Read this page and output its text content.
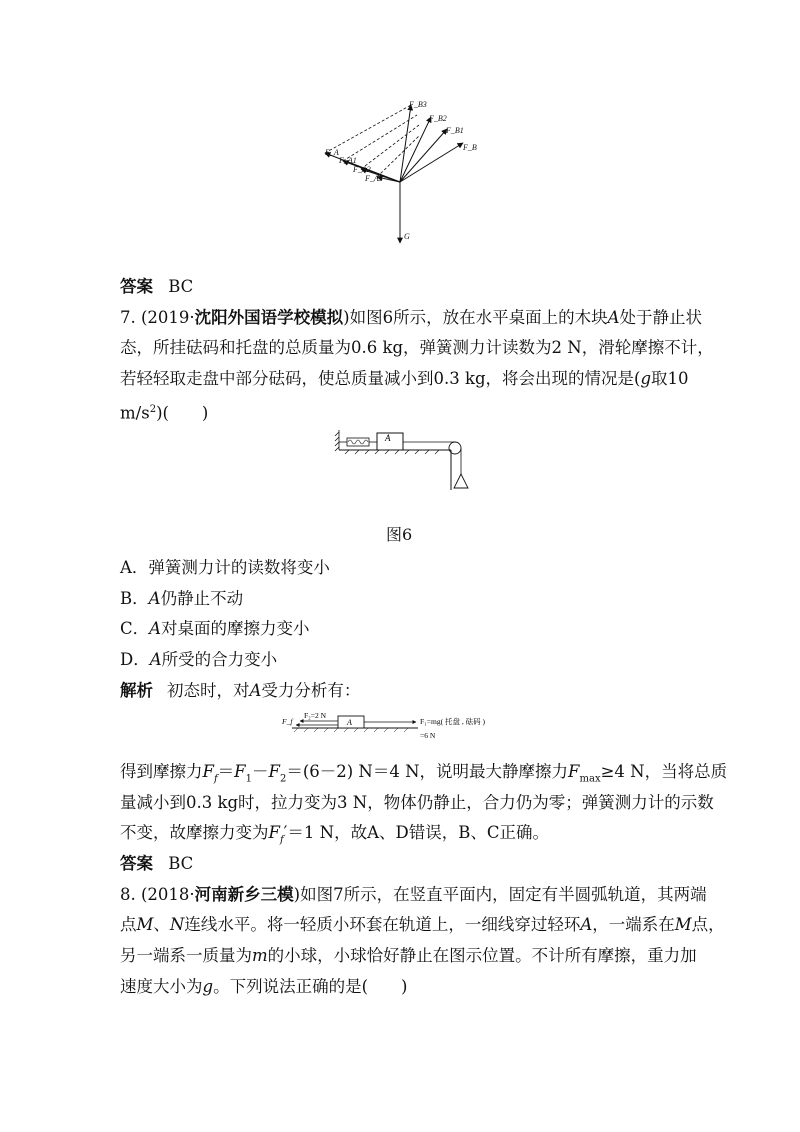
F_B3
F_B2
F_B1
F_B
F_A
F_A1
F_A2
F_A3
G
答案 BC
7. (2019·沈阳外国语学校模拟)如图6所示，放在水平桌面上的木块A处于静止状
态，所挂砝码和托盘的总质量为0.6 kg，弹簧测力计读数为2 N，滑轮摩擦不计，
若轻轻取走盘中部分砝码，使总质量减小到0.3 kg，将会出现的情况是(g取10
$m/s^2$)(　　)
A
图6
A．弹簧测力计的读数将变小
B．A仍静止不动
C．A对桌面的摩擦力变小
D．A所受的合力变小
解析 初态时，对A受力分析有：
A
F₂=2 N
F_f	F₁=mg( 托盘 , 砝码 )
=6 N
得到摩擦力$F_f=F_1-F_2=(6-2)$ N＝4 N，说明最大静摩擦力$F_{max}\ge 4$ N，当将总质
量减小到0.3 kg时，拉力变为3 N，物体仍静止，合力仍为零；弹簧测力计的示数
不变，故摩擦力变为$F_f'=1$ N，故A、D错误，B、C正确。
答案 BC
8. (2018·河南新乡三模)如图7所示，在竖直平面内，固定有半圆弧轨道，其两端
点M、N连线水平。将一轻质小环套在轨道上，一细线穿过轻环A，一端系在M点，
另一端系一质量为m的小球，小球恰好静止在图示位置。不计所有摩擦，重力加
速度大小为g。下列说法正确的是(　　)
